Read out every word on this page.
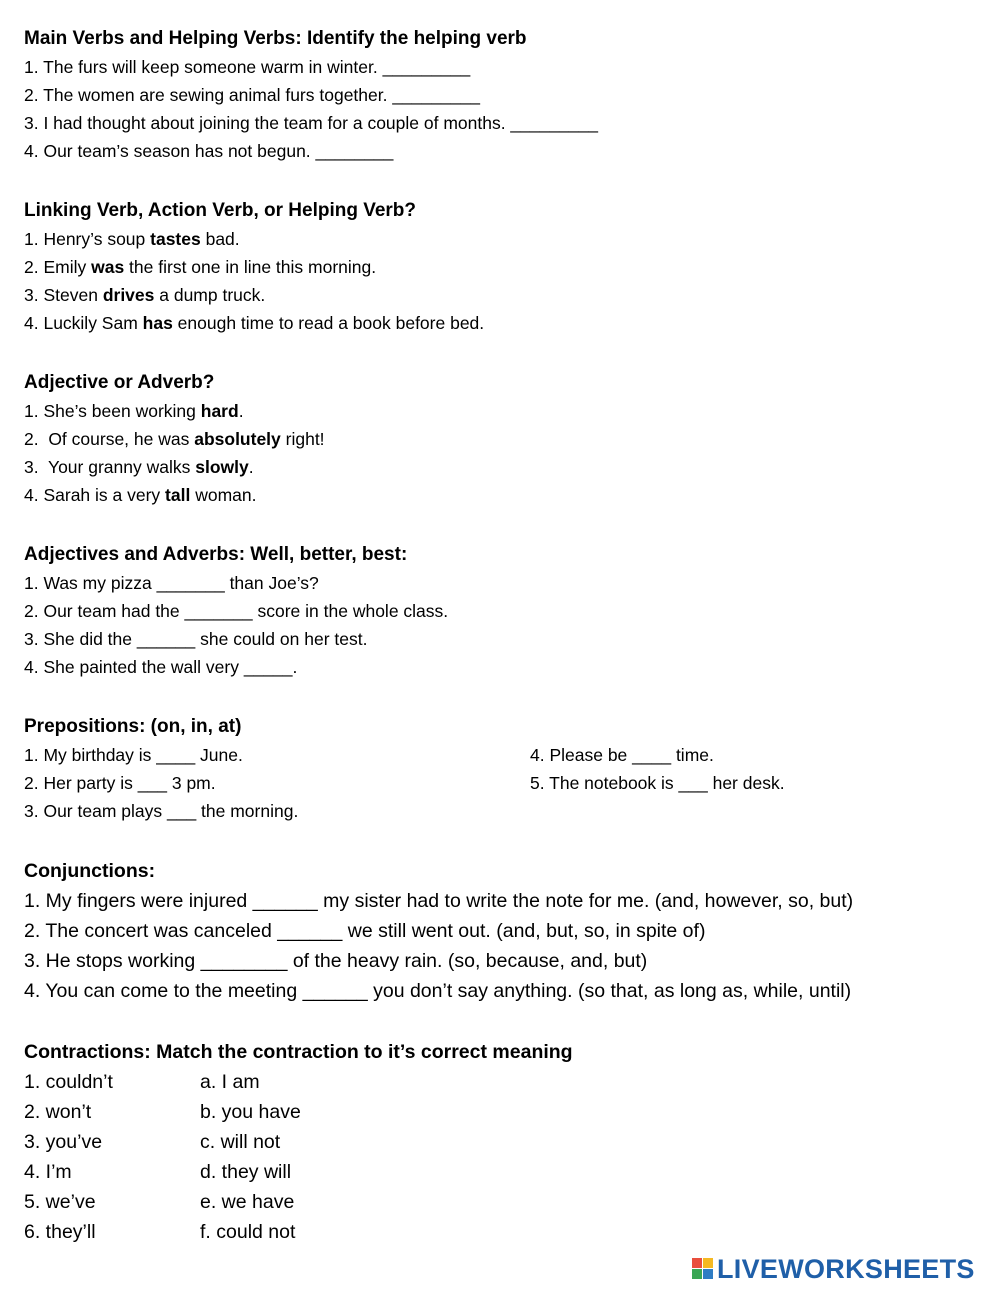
Main Verbs and Helping Verbs: Identify the helping verb
1. The furs will keep someone warm in winter. _________
2. The women are sewing animal furs together. _________
3. I had thought about joining the team for a couple of months. _________
4. Our team’s season has not begun. ________
Linking Verb, Action Verb, or Helping Verb?
1. Henry’s soup tastes bad.
2. Emily was the first one in line this morning.
3. Steven drives a dump truck.
4. Luckily Sam has enough time to read a book before bed.
Adjective or Adverb?
1. She’s been working hard.
2.  Of course, he was absolutely right!
3.  Your granny walks slowly.
4. Sarah is a very tall woman.
Adjectives and Adverbs: Well, better, best:
1. Was my pizza _______ than Joe’s?
2. Our team had the _______ score in the whole class.
3. She did the ______ she could on her test.
4. She painted the wall very _____.
Prepositions: (on, in, at)
1. My birthday is ____ June.	4. Please be ____ time.
2. Her party is ___ 3 pm.	5. The notebook is ___ her desk.
3. Our team plays ___ the morning.
Conjunctions:
1. My fingers were injured ______ my sister had to write the note for me. (and, however, so, but)
2. The concert was canceled ______ we still went out. (and, but, so, in spite of)
3. He stops working ________ of the heavy rain. (so, because, and, but)
4. You can come to the meeting ______ you don’t say anything. (so that, as long as, while, until)
Contractions: Match the contraction to it’s correct meaning
1. couldn’t	a. I am
2. won’t	b. you have
3. you’ve	c. will not
4. I’m	d. they will
5. we’ve	e. we have
6. they’ll	f. could not
LIVEWORKSHEETS
